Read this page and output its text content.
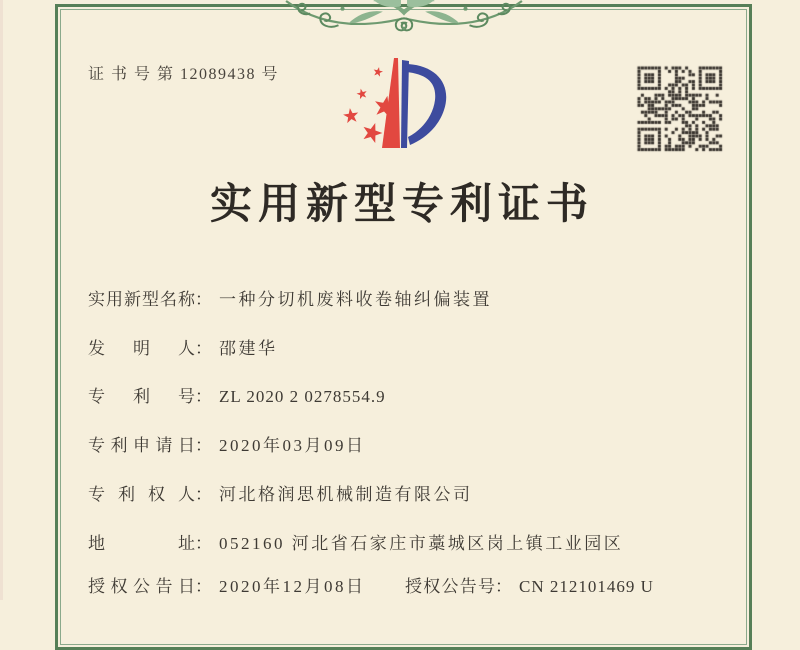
证 书 号 第 12089438 号
实用新型专利证书
实用新型名称： 一种分切机废料收卷轴纠偏装置
发明人： 邵建华
专利号： ZL 2020 2 0278554.9
专利申请日： 2020年03月09日
专利权人： 河北格润思机械制造有限公司
地址： 052160 河北省石家庄市藁城区岗上镇工业园区
授权公告日： 2020年12月08日 授权公告号： CN 212101469 U
